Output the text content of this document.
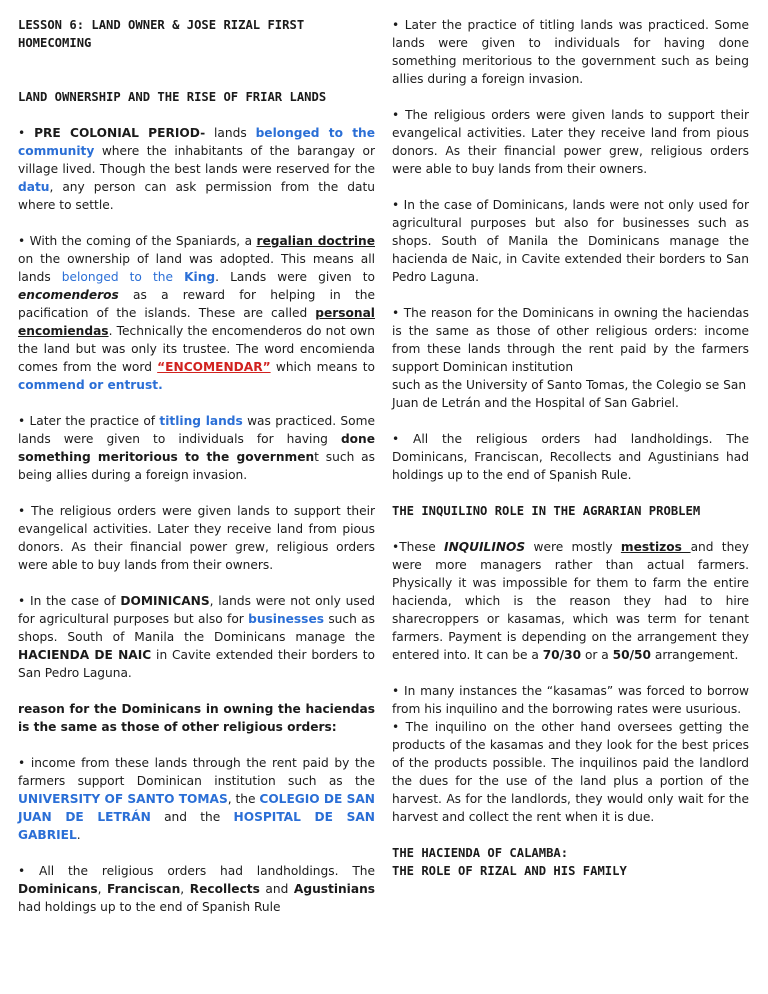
LESSON 6: LAND OWNER & JOSE RIZAL FIRST HOMECOMING

LAND OWNERSHIP AND THE RISE OF FRIAR LANDS

• PRE COLONIAL PERIOD- lands belonged to the community where the inhabitants of the barangay or village lived. Though the best lands were reserved for the datu, any person can ask permission from the datu where to settle.

• With the coming of the Spaniards, a regalian doctrine on the ownership of land was adopted. This means all lands belonged to the King. Lands were given to encomenderos as a reward for helping in the pacification of the islands. These are called personal encomiendas. Technically the encomenderos do not own the land but was only its trustee. The word encomienda comes from the word “ENCOMENDAR” which means to commend or entrust.

• Later the practice of titling lands was practiced. Some lands were given to individuals for having done something meritorious to the government such as being allies during a foreign invasion.

• The religious orders were given lands to support their evangelical activities. Later they receive land from pious donors. As their financial power grew, religious orders were able to buy lands from their owners.

• In the case of DOMINICANS, lands were not only used for agricultural purposes but also for businesses such as shops. South of Manila the Dominicans manage the HACIENDA DE NAIC in Cavite extended their borders to San Pedro Laguna.

reason for the Dominicans in owning the haciendas is the same as those of other religious orders:

• income from these lands through the rent paid by the farmers support Dominican institution such as the UNIVERSITY OF SANTO TOMAS, the COLEGIO DE SAN JUAN DE LETRÁN and the HOSPITAL DE SAN GABRIEL.

• All the religious orders had landholdings. The Dominicans, Franciscan, Recollects and Agustinians had holdings up to the end of Spanish Rule

• Later the practice of titling lands was practiced. Some lands were given to individuals for having done something meritorious to the government such as being allies during a foreign invasion.

• The religious orders were given lands to support their evangelical activities. Later they receive land from pious donors. As their financial power grew, religious orders were able to buy lands from their owners.

• In the case of Dominicans, lands were not only used for agricultural purposes but also for businesses such as shops. South of Manila the Dominicans manage the hacienda de Naic, in Cavite extended their borders to San Pedro Laguna.

• The reason for the Dominicans in owning the haciendas is the same as those of other religious orders: income from these lands through the rent paid by the farmers support Dominican institution

such as the University of Santo Tomas, the Colegio se San Juan de Letrán and the Hospital of San Gabriel.

• All the religious orders had landholdings. The Dominicans, Franciscan, Recollects and Agustinians had holdings up to the end of Spanish Rule.

THE INQUILINO ROLE IN THE AGRARIAN PROBLEM

•These INQUILINOS were mostly mestizos and they were more managers rather than actual farmers. Physically it was impossible for them to farm the entire hacienda, which is the reason they had to hire sharecroppers or kasamas, which was term for tenant farmers. Payment is depending on the arrangement they entered into. It can be a 70/30 or a 50/50 arrangement.

• In many instances the “kasamas” was forced to borrow from his inquilino and the borrowing rates were usurious.

• The inquilino on the other hand oversees getting the products of the kasamas and they look for the best prices of the products possible. The inquilinos paid the landlord the dues for the use of the land plus a portion of the harvest. As for the landlords, they would only wait for the harvest and collect the rent when it is due.

THE HACIENDA OF CALAMBA:

THE ROLE OF RIZAL AND HIS FAMILY
